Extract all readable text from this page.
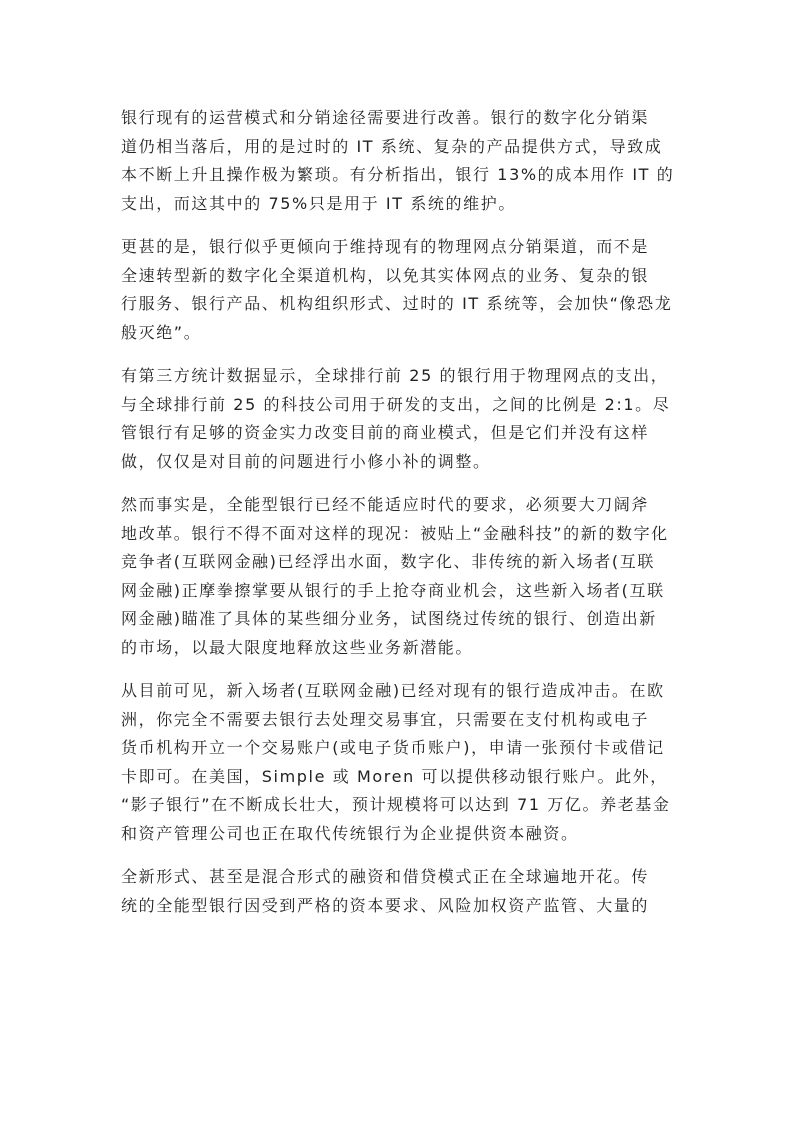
银行现有的运营模式和分销途径需要进行改善。银行的数字化分销渠
道仍相当落后，用的是过时的 IT 系统、复杂的产品提供方式，导致成
本不断上升且操作极为繁琐。有分析指出，银行 13%的成本用作 IT 的
支出，而这其中的 75%只是用于 IT 系统的维护。

更甚的是，银行似乎更倾向于维持现有的物理网点分销渠道，而不是
全速转型新的数字化全渠道机构，以免其实体网点的业务、复杂的银
行服务、银行产品、机构组织形式、过时的 IT 系统等，会加快“像恐龙
般灭绝”。

有第三方统计数据显示，全球排行前 25 的银行用于物理网点的支出，
与全球排行前 25 的科技公司用于研发的支出，之间的比例是 2:1。尽
管银行有足够的资金实力改变目前的商业模式，但是它们并没有这样
做，仅仅是对目前的问题进行小修小补的调整。

然而事实是，全能型银行已经不能适应时代的要求，必须要大刀阔斧
地改革。银行不得不面对这样的现况：被贴上“金融科技”的新的数字化
竞争者(互联网金融)已经浮出水面，数字化、非传统的新入场者(互联
网金融)正摩拳擦掌要从银行的手上抢夺商业机会，这些新入场者(互联
网金融)瞄准了具体的某些细分业务，试图绕过传统的银行、创造出新
的市场，以最大限度地释放这些业务新潜能。

从目前可见，新入场者(互联网金融)已经对现有的银行造成冲击。在欧
洲，你完全不需要去银行去处理交易事宜，只需要在支付机构或电子
货币机构开立一个交易账户(或电子货币账户)，申请一张预付卡或借记
卡即可。在美国，Simple 或 Moren 可以提供移动银行账户。此外，
“影子银行”在不断成长壮大，预计规模将可以达到 71 万亿。养老基金
和资产管理公司也正在取代传统银行为企业提供资本融资。

全新形式、甚至是混合形式的融资和借贷模式正在全球遍地开花。传
统的全能型银行因受到严格的资本要求、风险加权资产监管、大量的
